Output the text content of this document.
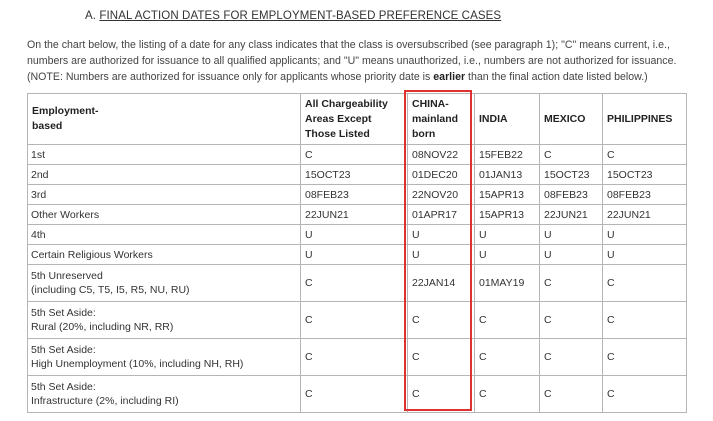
A. FINAL ACTION DATES FOR EMPLOYMENT-BASED PREFERENCE CASES
On the chart below, the listing of a date for any class indicates that the class is oversubscribed (see paragraph 1); "C" means current, i.e., numbers are authorized for issuance to all qualified applicants; and "U" means unauthorized, i.e., numbers are not authorized for issuance. (NOTE: Numbers are authorized for issuance only for applicants whose priority date is earlier than the final action date listed below.)
Employment-
based	All Chargeability
Areas Except
Those Listed	CHINA-
mainland
born	INDIA	MEXICO	PHILIPPINES
1st	C	08NOV22	15FEB22	C	C
2nd	15OCT23	01DEC20	01JAN13	15OCT23	15OCT23
3rd	08FEB23	22NOV20	15APR13	08FEB23	08FEB23
Other Workers	22JUN21	01APR17	15APR13	22JUN21	22JUN21
4th	U	U	U	U	U
Certain Religious Workers	U	U	U	U	U
5th Unreserved
(including C5, T5, I5, R5, NU, RU)	C	22JAN14	01MAY19	C	C
5th Set Aside:
Rural (20%, including NR, RR)	C	C	C	C	C
5th Set Aside:
High Unemployment (10%, including NH, RH)	C	C	C	C	C
5th Set Aside:
Infrastructure (2%, including RI)	C	C	C	C	C
